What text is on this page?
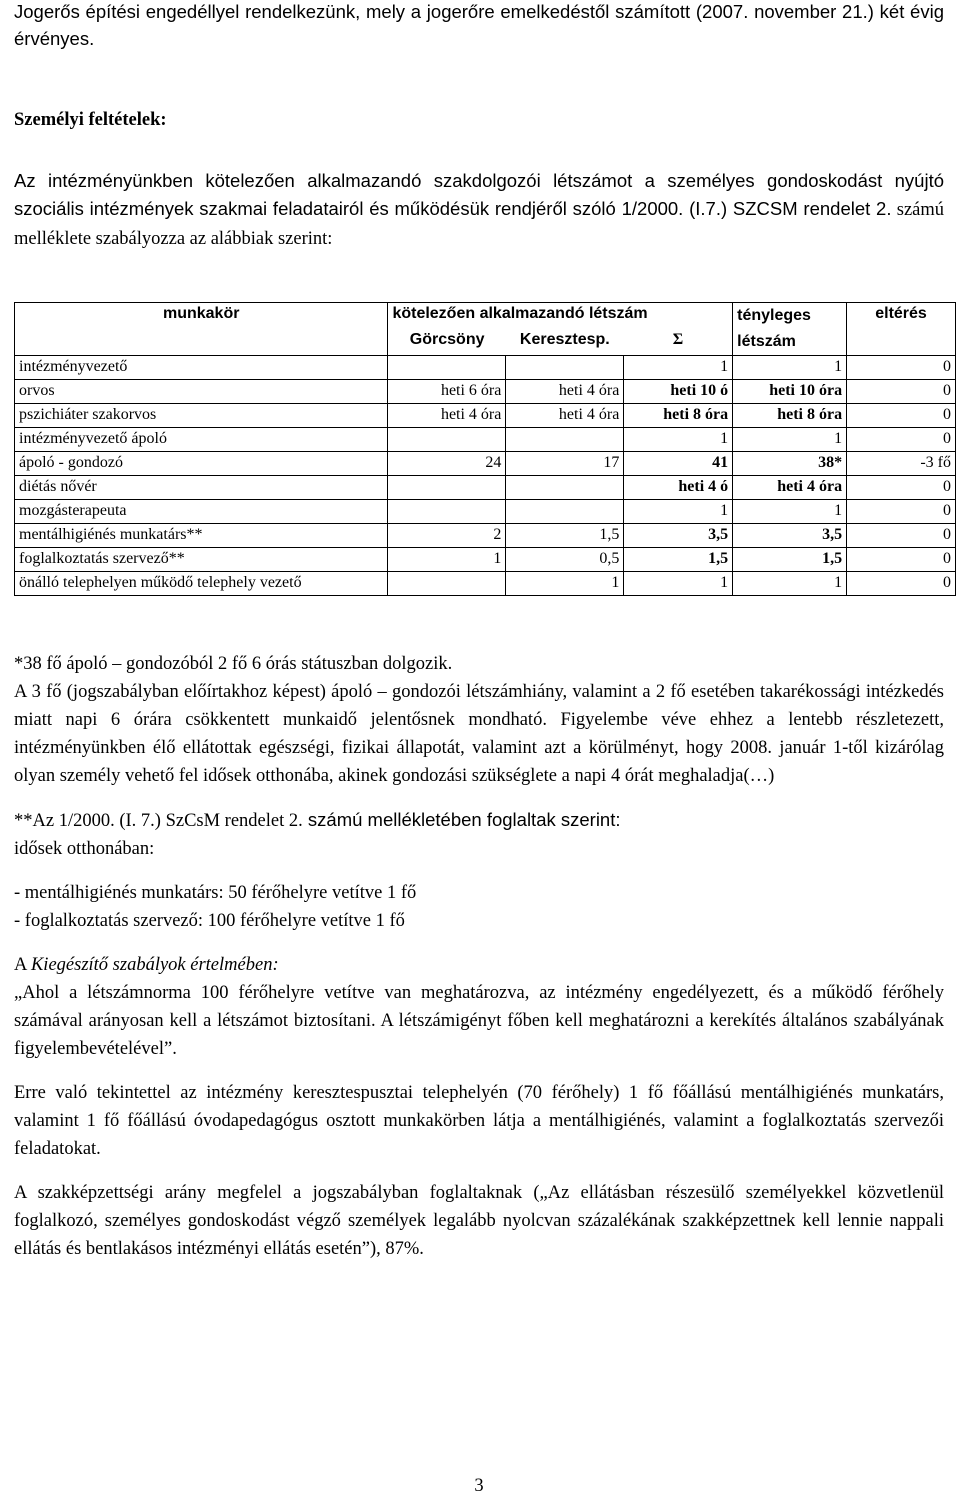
Jogerős építési engedéllyel rendelkezünk, mely a jogerőre emelkedéstől számított (2007. november 21.) két évig érvényes.

Személyi feltételek:

Az intézményünkben kötelezően alkalmazandó szakdolgozói létszámot a személyes gondoskodást nyújtó szociális intézmények szakmai feladatairól és működésük rendjéről szóló 1/2000. (I.7.) SZCSM rendelet 2. számú melléklete szabályozza az alábbiak szerint:

munkakör	kötelezően alkalmazandó létszám			tényleges létszám	eltérés
	Görcsöny	Keresztesp.	Σ		
intézményvezető			1	1	0
orvos	heti 6 óra	heti 4 óra	heti 10 ó	heti 10 óra	0
pszichiáter szakorvos	heti 4 óra	heti 4 óra	heti 8 óra	heti 8 óra	0
intézményvezető ápoló			1	1	0
ápoló - gondozó	24	17	41	38*	-3 fő
diétás nővér			heti 4 ó	heti 4 óra	0
mozgásterapeuta			1	1	0
mentálhigiénés munkatárs**	2	1,5	3,5	3,5	0
foglalkoztatás szervező**	1	0,5	1,5	1,5	0
önálló telephelyen működő telephely vezető		1	1	1	0

*38 fő ápoló – gondozóból 2 fő 6 órás státuszban dolgozik.

A 3 fő (jogszabályban előírtakhoz képest) ápoló – gondozói létszámhiány, valamint a 2 fő esetében takarékossági intézkedés miatt napi 6 órára csökkentett munkaidő jelentősnek mondható. Figyelembe véve ehhez a lentebb részletezett, intézményünkben élő ellátottak egészségi, fizikai állapotát, valamint azt a körülményt, hogy 2008. január 1-től kizárólag olyan személy vehető fel idősek otthonába, akinek gondozási szükséglete a napi 4 órát meghaladja(…)

**Az 1/2000. (I. 7.) SzCsM rendelet 2. számú mellékletében foglaltak szerint:

idősek otthonában:

- mentálhigiénés munkatárs: 50 férőhelyre vetítve 1 fő

- foglalkoztatás szervező: 100 férőhelyre vetítve 1 fő

A Kiegészítő szabályok értelmében:

„Ahol a létszámnorma 100 férőhelyre vetítve van meghatározva, az intézmény engedélyezett, és a működő férőhely számával arányosan kell a létszámot biztosítani. A létszámigényt főben kell meghatározni a kerekítés általános szabályának figyelembevételével”.

Erre való tekintettel az intézmény keresztespusztai telephelyén (70 férőhely) 1 fő főállású mentálhigiénés munkatárs, valamint 1 fő főállású óvodapedagógus osztott munkakörben látja a mentálhigiénés, valamint a foglalkoztatás szervezői feladatokat.

A szakképzettségi arány megfelel a jogszabályban foglaltaknak („Az ellátásban részesülő személyekkel közvetlenül foglalkozó, személyes gondoskodást végző személyek legalább nyolcvan százalékának szakképzettnek kell lennie nappali ellátás és bentlakásos intézményi ellátás esetén”), 87%.

3
